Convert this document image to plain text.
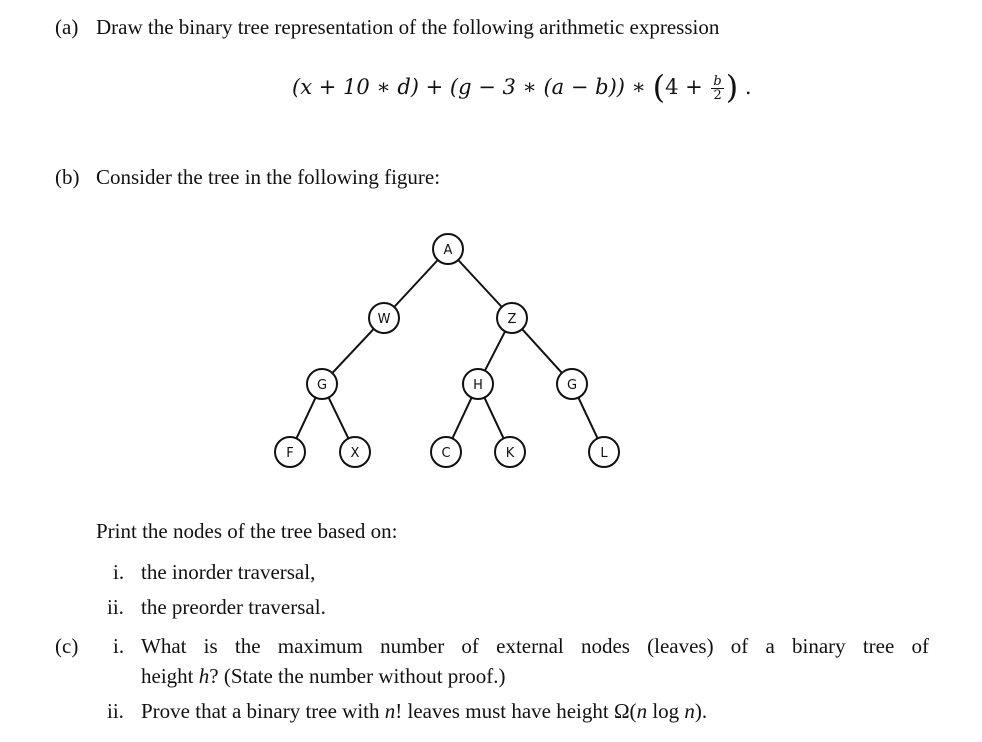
(a) Draw the binary tree representation of the following arithmetic expression
(x + 10 ∗ d) + (g − 3 ∗ (a − b)) ∗ ($4 + \frac{b}{2}$ ) .
(b) Consider the tree in the following figure:
A
W	Z
G	H	G
F	X	C	K	L
Print the nodes of the tree based on:
i. the inorder traversal,
ii. the preorder traversal.
(c) i. What is the maximum number of external nodes (leaves) of a binary tree of
height h? (State the number without proof.)
ii. Prove that a binary tree with n! leaves must have height Ω(n log n).
